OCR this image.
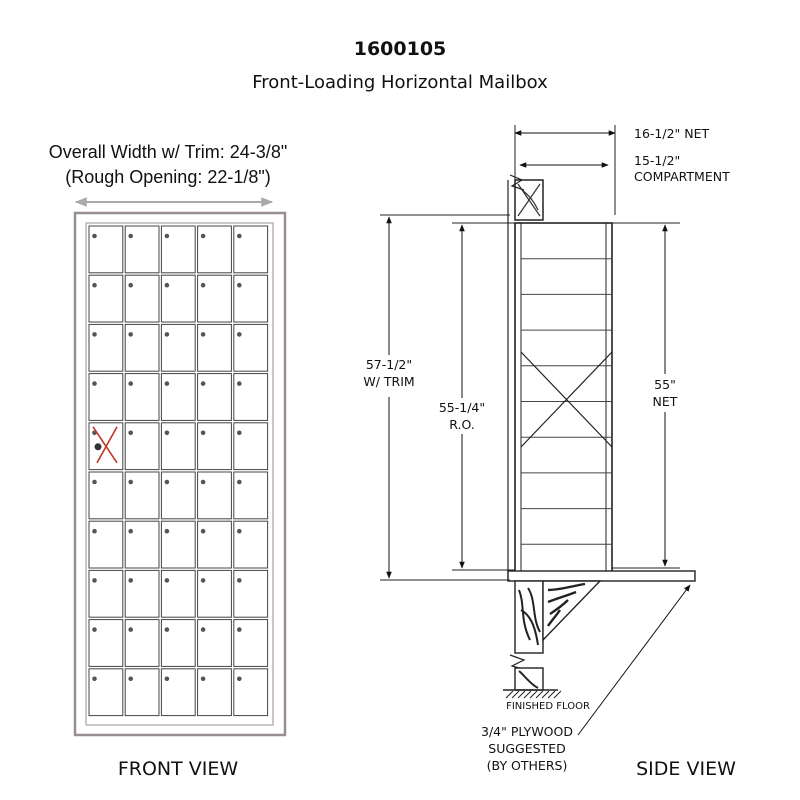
1600105
Front-Loading Horizontal Mailbox
Overall Width w/ Trim: 24-3/8"
(Rough Opening: 22-1/8")
FRONT VIEW
16-1/2" NET
15-1/2"
COMPARTMENT
FINISHED FLOOR
57-1/2"
W/ TRIM
55-1/4"
R.O.
55"
NET
3/4" PLYWOOD
SUGGESTED
(BY OTHERS)	SIDE VIEW
